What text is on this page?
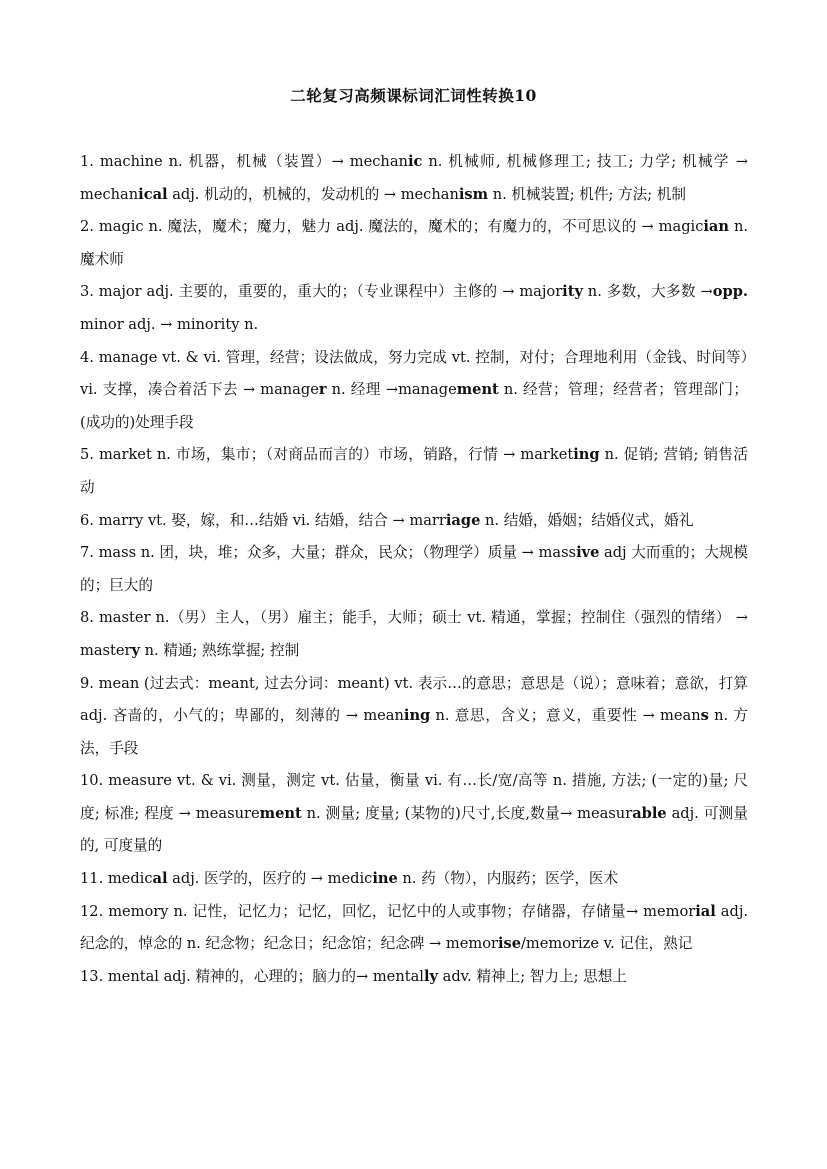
二轮复习高频课标词汇词性转换10

1. machine n. 机器，机械（装置）→ mechanic n. 机械师, 机械修理工; 技工; 力学; 机械学 → mechanical adj. 机动的，机械的，发动机的 → mechanism n. 机械装置; 机件; 方法; 机制

2. magic n. 魔法，魔术；魔力，魅力 adj. 魔法的，魔术的；有魔力的，不可思议的 → magician n. 魔术师

3. major adj. 主要的，重要的，重大的；（专业课程中）主修的 → majority n. 多数，大多数 →opp. minor adj. → minority n.

4. manage vt. & vi. 管理，经营；设法做成，努力完成 vt. 控制，对付；合理地利用（金钱、时间等）vi. 支撑，凑合着活下去 → manager n. 经理 →management n. 经营；管理；经营者；管理部门； (成功的)处理手段

5. market n. 市场，集市；（对商品而言的）市场，销路，行情 → marketing n. 促销; 营销; 销售活动

6. marry vt. 娶，嫁，和…结婚 vi. 结婚，结合 → marriage n. 结婚，婚姻；结婚仪式，婚礼

7. mass n. 团，块，堆；众多，大量；群众，民众；（物理学）质量 → massive adj 大而重的；大规模的；巨大的

8. master n.（男）主人，（男）雇主；能手，大师；硕士 vt. 精通，掌握；控制住（强烈的情绪） → mastery n. 精通; 熟练掌握; 控制

9. mean (过去式：meant, 过去分词：meant) vt. 表示…的意思；意思是（说）；意味着；意欲，打算 adj. 吝啬的，小气的；卑鄙的，刻薄的 → meaning n. 意思，含义；意义，重要性 → means n. 方法，手段

10. measure vt. & vi. 测量，测定 vt. 估量，衡量 vi. 有…长/宽/高等 n. 措施, 方法; (一定的)量; 尺度; 标准; 程度 → measurement n. 测量; 度量; (某物的)尺寸,长度,数量→ measurable adj. 可测量的, 可度量的

11. medical adj. 医学的，医疗的 → medicine n. 药（物），内服药；医学，医术

12. memory n. 记性，记忆力；记忆，回忆，记忆中的人或事物；存储器，存储量→ memorial adj. 纪念的，悼念的 n. 纪念物；纪念日；纪念馆；纪念碑 → memorise/memorize v. 记住，熟记

13. mental adj. 精神的，心理的；脑力的→ mentally adv. 精神上; 智力上; 思想上
